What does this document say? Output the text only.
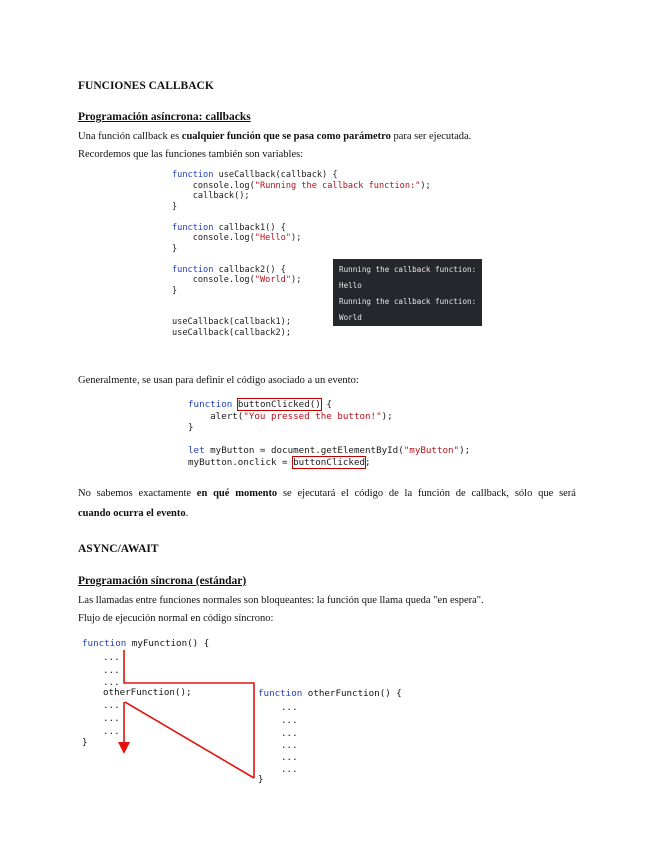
FUNCIONES CALLBACK
Programación asíncrona: callbacks
Una función callback es cualquier función que se pasa como parámetro para ser ejecutada.
Recordemos que las funciones también son variables:
function useCallback(callback) {
console.log("Running the callback function:");
callback();
}

function callback1() {
console.log("Hello");
}

function callback2() {
console.log("World");
}

useCallback(callback1);
useCallback(callback2);
Running the callback function:
Hello
Running the callback function:
World
Generalmente, se usan para definir el código asociado a un evento:
function buttonClicked() {
alert("You pressed the button!");
}

let myButton = document.getElementById("myButton");
myButton.onclick = buttonClicked;
No sabemos exactamente en qué momento se ejecutará el código de la función de callback, sólo que será
cuando ocurra el evento.
ASYNC/AWAIT
Programación síncrona (estándar)
Las llamadas entre funciones normales son bloqueantes: la función que llama queda "en espera".
Flujo de ejecución normal en código síncrono:
function myFunction() {
...
...
...
otherFunction();
...
...
...
}
function otherFunction() {
...
...
...
...
...
...
}
